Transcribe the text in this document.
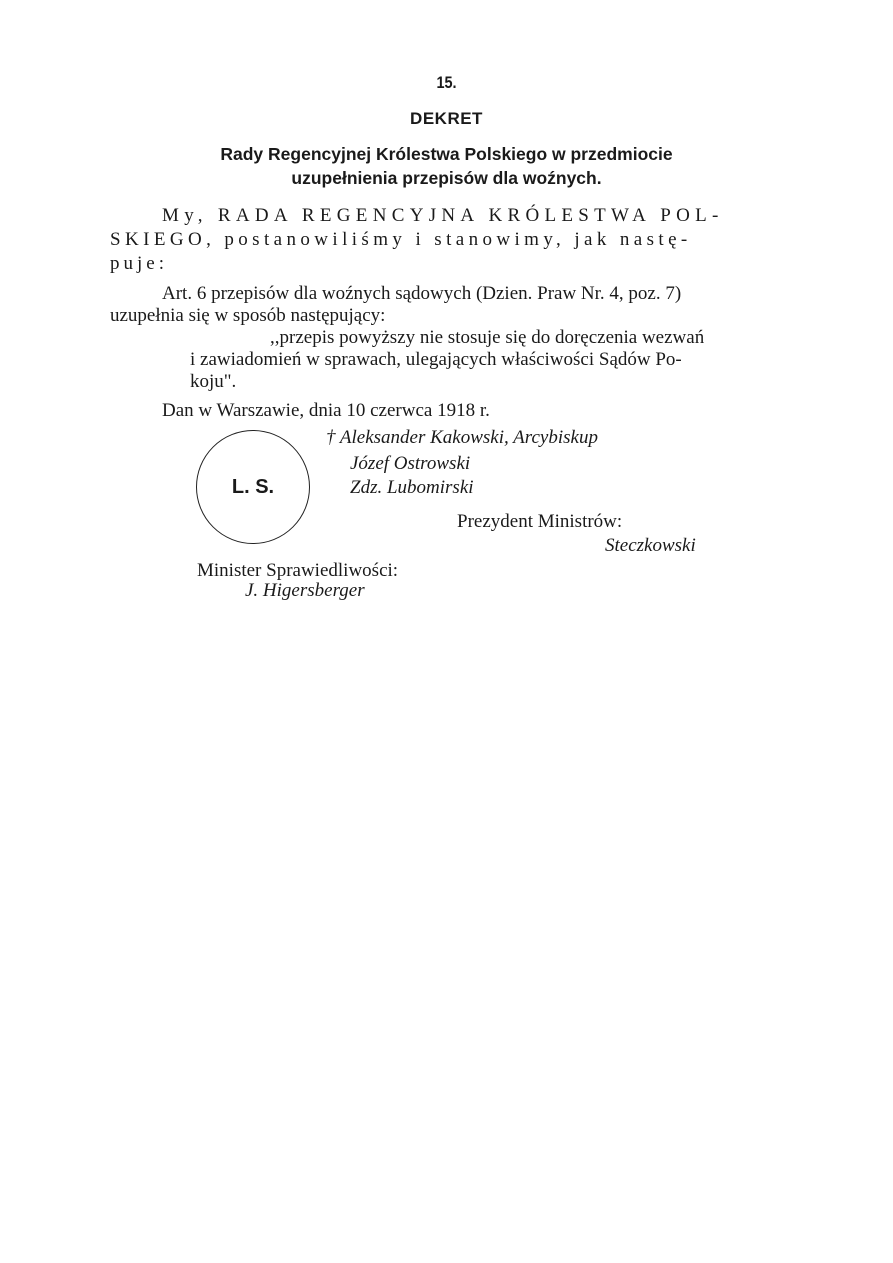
15.
DEKRET
Rady Regencyjnej Królestwa Polskiego w przedmiocie
uzupełnienia przepisów dla woźnych.
My, RADA REGENCYJNA KRÓLESTWA POL-
SKIEGO, postanowiliśmy i stanowimy, jak nastę-
puje:
Art. 6 przepisów dla woźnych sądowych (Dzien. Praw Nr. 4, poz. 7)
uzupełnia się w sposób następujący:
,,przepis powyższy nie stosuje się do doręczenia wezwań
i zawiadomień w sprawach, ulegających właściwości Sądów Po-
koju".
Dan w Warszawie, dnia 10 czerwca 1918 r.
L. S.
† Aleksander Kakowski, Arcybiskup
Józef Ostrowski
Zdz. Lubomirski
Prezydent Ministrów:
Steczkowski
Minister Sprawiedliwości:
J. Higersberger
